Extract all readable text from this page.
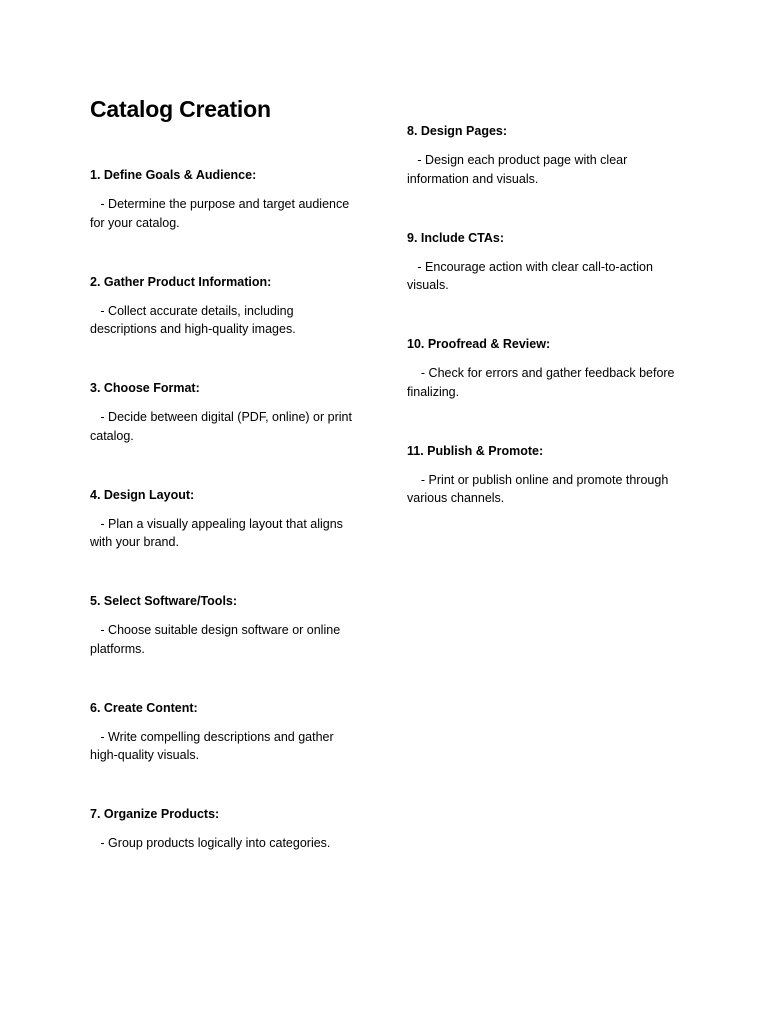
Catalog Creation

1. Define Goals & Audience:

- Determine the purpose and target audience for your catalog.

2. Gather Product Information:

- Collect accurate details, including descriptions and high-quality images.

3. Choose Format:

- Decide between digital (PDF, online) or print catalog.

4. Design Layout:

- Plan a visually appealing layout that aligns with your brand.

5. Select Software/Tools:

- Choose suitable design software or online platforms.

6. Create Content:

- Write compelling descriptions and gather high-quality visuals.

7. Organize Products:

- Group products logically into categories.

8. Design Pages:

- Design each product page with clear information and visuals.

9. Include CTAs:

- Encourage action with clear call-to-action visuals.

10. Proofread & Review:

- Check for errors and gather feedback before finalizing.

11. Publish & Promote:

- Print or publish online and promote through various channels.
